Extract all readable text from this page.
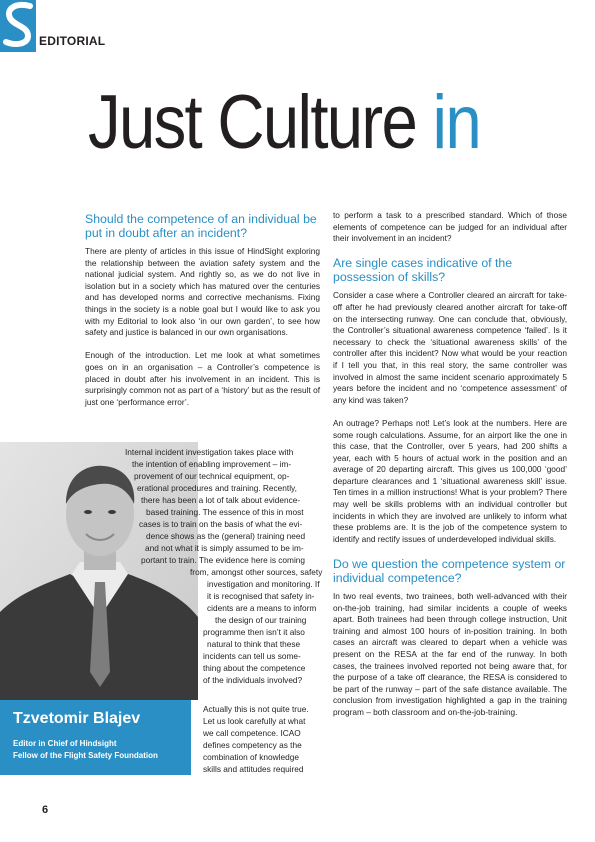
EDITORIAL
Just Culture in
Should the competence of an individual be put in doubt after an incident?

There are plenty of articles in this issue of HindSight exploring the relationship between the aviation safety system and the national judicial system. And rightly so, as we do not live in isolation but in a society which has matured over the centuries and has developed norms and corrective mechanisms. Fixing things in the society is a noble goal but I would like to ask you with my Editorial to look also ‘in our own garden’, to see how safety and justice is balanced in our own organisations.

Enough of the introduction. Let me look at what sometimes goes on in an organisation – a Controller’s competence is placed in doubt after his involvement in an incident. This is surprisingly common not as part of a ‘history’ but as the result of just one ‘performance error’.

Internal incident investigation takes place with
the intention of enabling improvement – im-
provement of our technical equipment, op-
erational procedures and training. Recently,
there has been a lot of talk about evidence-
based training. The essence of this in most
cases is to train on the basis of what the evi-
dence shows as the (general) training need
and not what it is simply assumed to be im-
portant to train. The evidence here is coming
from, amongst other sources, safety
investigation and monitoring. If
it is recognised that safety in-
cidents are a means to inform
the design of our training
programme then isn’t it also
natural to think that these
incidents can tell us some-
thing about the competence
of the individuals involved?
Actually this is not quite true.
Let us look carefully at what
we call competence. ICAO
defines competency as the
combination of knowledge
skills and attitudes required
Tzvetomir Blajev
Editor in Chief of Hindsight
Fellow of the Flight Safety Foundation

to perform a task to a prescribed standard. Which of those elements of competence can be judged for an individual after their involvement in an incident?

Are single cases indicative of the possession of skills?

Consider a case where a Controller cleared an aircraft for take-off after he had previously cleared another aircraft for take-off on the intersecting runway. One can conclude that, obviously, the Controller’s situational awareness competence ‘failed’. Is it necessary to check the ‘situational awareness skills’ of the controller after this incident? Now what would be your reaction if I tell you that, in this real story, the same controller was involved in almost the same incident scenario approximately 5 years before the incident and no ‘competence assessment’ of any kind was taken?

An outrage? Perhaps not! Let’s look at the numbers. Here are some rough calculations. Assume, for an airport like the one in this case, that the Controller, over 5 years, had 200 shifts a year, each with 5 hours of actual work in the position and an average of 20 departing aircraft. This gives us 100,000 ‘good’ departure clearances and 1 ‘situational awareness skill’ issue. Ten times in a million instructions! What is your problem? There may well be skills problems with an individual controller but incidents in which they are involved are unlikely to inform what these problems are. It is the job of the competence system to identify and rectify issues of underdeveloped individual skills.

Do we question the competence system or individual competence?

In two real events, two trainees, both well-advanced with their on-the-job training, had similar incidents a couple of weeks apart. Both trainees had been through college instruction, Unit training and almost 100 hours of in-position training. In both cases an aircraft was cleared to depart when a vehicle was present on the RESA at the far end of the runway. In both cases, the trainees involved reported not being aware that, for the purpose of a take off clearance, the RESA is considered to be part of the runway – part of the safe distance available. The conclusion from investigation highlighted a gap in the training program – both classroom and on-the-job-training.

6
